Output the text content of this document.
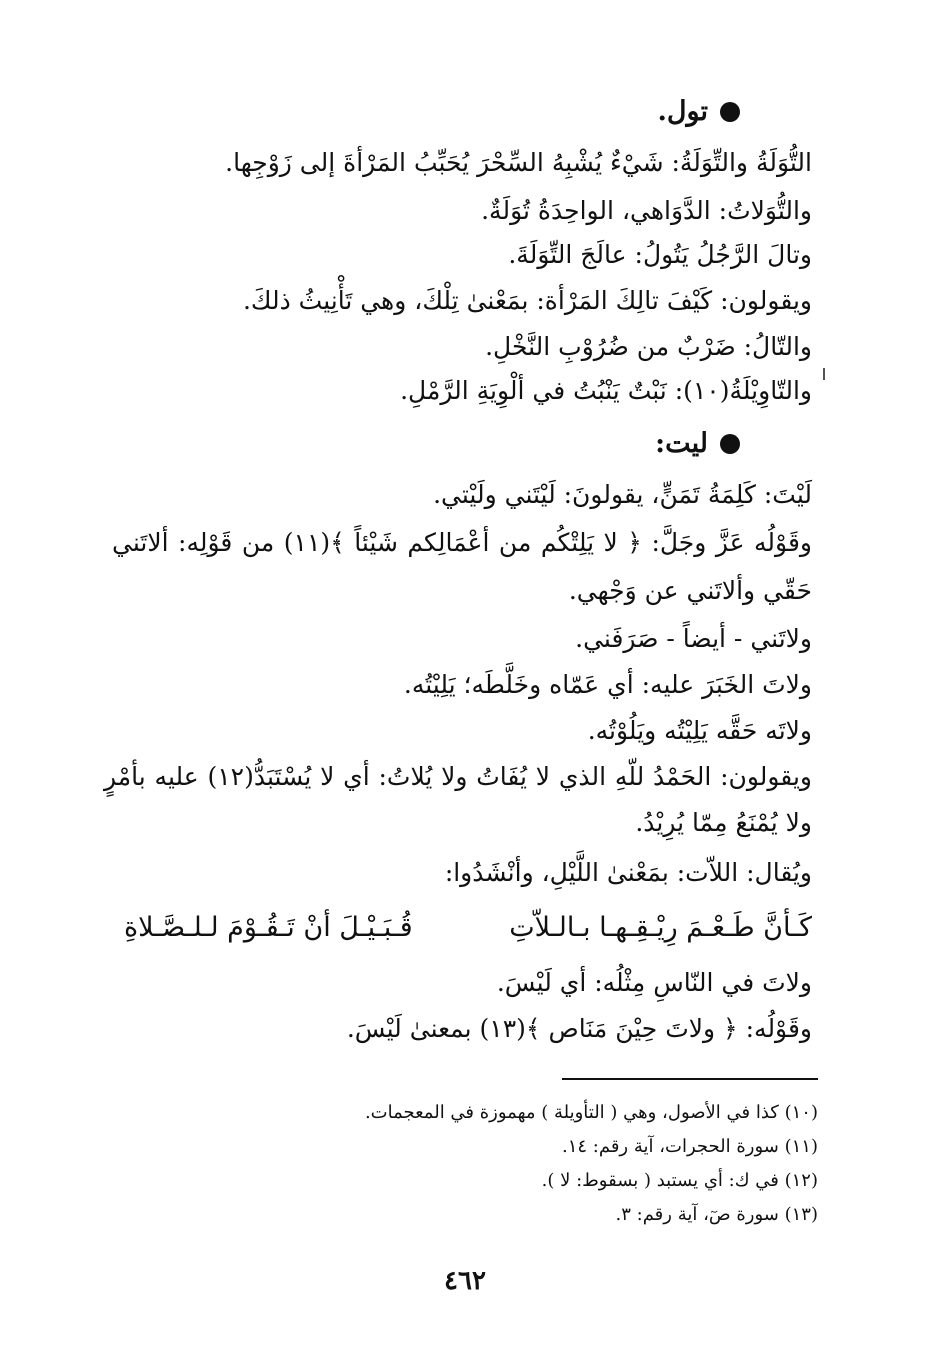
تول.
التُّوَلَةُ والتِّوَلَةُ: شَيْءٌ يُشْبِهُ السِّحْرَ يُحَبِّبُ المَرْأةَ إلى زَوْجِها.
والتُّوَلاتُ: الدَّوَاهي، الواحِدَةُ تُوَلَةٌ.
وتالَ الرَّجُلُ يَتُولُ: عالَجَ التِّوَلَةَ.
ويقولون: كَيْفَ تالِكَ المَرْأة: بمَعْنىٰ تِلْكَ، وهي تَأْنِيثُ ذلكَ.
والتّالُ: ضَرْبٌ من ضُرُوْبِ النَّخْلِ.
والتّاوِيْلَةُ(١٠): نَبْتٌ يَنْبُتُ في ألْوِيَةِ الرَّمْلِ.
ليت:
لَيْتَ: كَلِمَةُ تَمَنٍّ، يقولونَ: لَيْتَني ولَيْتي.
وقَوْلُه عَزَّ وجَلَّ: ﴿ لا يَلِتْكُم من أعْمَالِكم شَيْئاً ﴾(١١) من قَوْلِه: ألاتَني
حَقّي وألاتَني عن وَجْهي.
ولاتَني - أيضاً - صَرَفَني.
ولاتَ الخَبَرَ عليه: أي عَمّاه وخَلَّطَه؛ يَلِيْتُه.
ولاتَه حَقَّه يَلِيْتُه ويَلُوْتُه.
ويقولون: الحَمْدُ للّهِ الذي لا يُفَاتُ ولا يُلاتُ: أي لا يُسْتَبَدُّ(١٢) عليه بأمْرٍ
ولا يُمْنَعُ مِمّا يُرِيْدُ.
ويُقال: اللاّت: بمَعْنىٰ اللَّيْلِ، وأنْشَدُوا:
كَـأنَّ طَـعْـمَ رِيْـقِـهـا بـالـلاّتِ
قُـبَـيْـلَ أنْ تَـقُـوْمَ لـلـصَّـلاةِ
ولاتَ في النّاسِ مِثْلُه: أي لَيْسَ.
وقَوْلُه: ﴿ ولاتَ حِيْنَ مَنَاص ﴾(١٣) بمعنىٰ لَيْسَ.
(١٠) كذا في الأصول، وهي ( التأويلة ) مهموزة في المعجمات.
(١١) سورة الحجرات، آية رقم: ١٤.
(١٢) في ك: أي يستبد ( بسقوط: لا ).
(١٣) سورة صٓ، آية رقم: ٣.
٤٦٢
